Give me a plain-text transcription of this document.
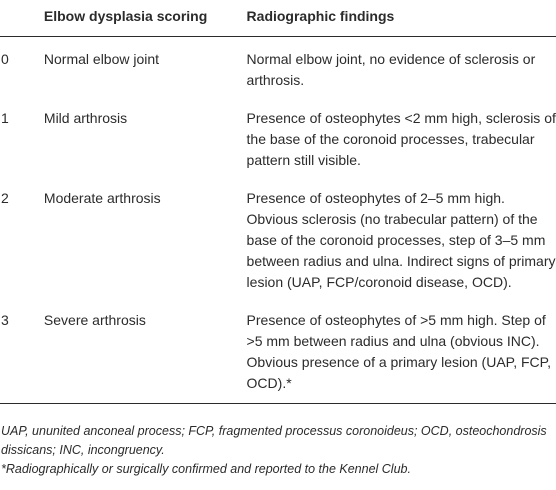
	Elbow dysplasia scoring	Radiographic findings
0	Normal elbow joint	Normal elbow joint, no evidence of sclerosis or arthrosis.
1	Mild arthrosis	Presence of osteophytes <2 mm high, sclerosis of the base of the coronoid processes, trabecular pattern still visible.
2	Moderate arthrosis	Presence of osteophytes of 2–5 mm high. Obvious sclerosis (no trabecular pattern) of the base of the coronoid processes, step of 3–5 mm between radius and ulna. Indirect signs of primary lesion (UAP, FCP/coronoid disease, OCD).
3	Severe arthrosis	Presence of osteophytes of >5 mm high. Step of >5 mm between radius and ulna (obvious INC). Obvious presence of a primary lesion (UAP, FCP, OCD).*

UAP, ununited anconeal process; FCP, fragmented processus coronoideus; OCD, osteochondrosis dissicans; INC, incongruency.

*Radiographically or surgically confirmed and reported to the Kennel Club.
